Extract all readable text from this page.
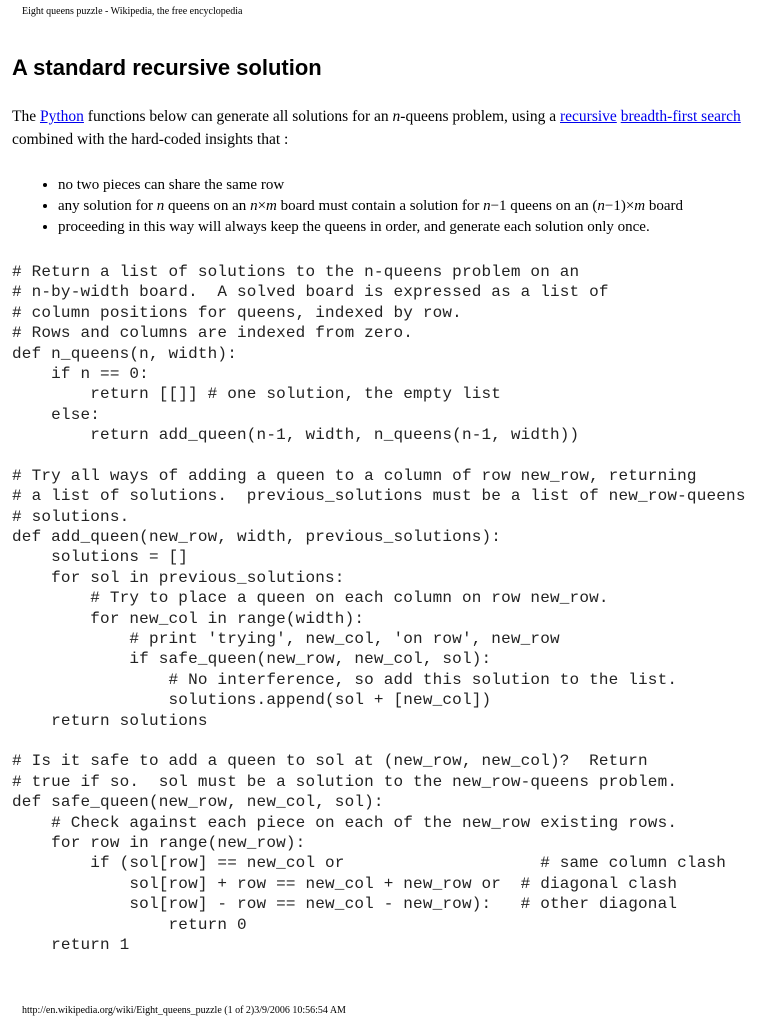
Eight queens puzzle - Wikipedia, the free encyclopedia
A standard recursive solution

The Python functions below can generate all solutions for an n-queens problem, using a recursive breadth-first search combined with the hard-coded insights that :

• no two pieces can share the same row
• any solution for n queens on an n×m board must contain a solution for n−1 queens on an (n−1)×m board
• proceeding in this way will always keep the queens in order, and generate each solution only once.
# Return a list of solutions to the n-queens problem on an
# n-by-width board.  A solved board is expressed as a list of
# column positions for queens, indexed by row.
# Rows and columns are indexed from zero.
def n_queens(n, width):
if n == 0:
return [[]] # one solution, the empty list
else:
return add_queen(n-1, width, n_queens(n-1, width))
# Try all ways of adding a queen to a column of row new_row, returning
# a list of solutions.  previous_solutions must be a list of new_row-queens
# solutions.
def add_queen(new_row, width, previous_solutions):
solutions = []
for sol in previous_solutions:
# Try to place a queen on each column on row new_row.
for new_col in range(width):
# print 'trying', new_col, 'on row', new_row
if safe_queen(new_row, new_col, sol):
# No interference, so add this solution to the list.
solutions.append(sol + [new_col])
return solutions
# Is it safe to add a queen to sol at (new_row, new_col)?  Return
# true if so.  sol must be a solution to the new_row-queens problem.
def safe_queen(new_row, new_col, sol):
# Check against each piece on each of the new_row existing rows.
for row in range(new_row):
if (sol[row] == new_col or                    # same column clash
sol[row] + row == new_col + new_row or  # diagonal clash
sol[row] - row == new_col - new_row):   # other diagonal
return 0
return 1
http://en.wikipedia.org/wiki/Eight_queens_puzzle (1 of 2)3/9/2006 10:56:54 AM
